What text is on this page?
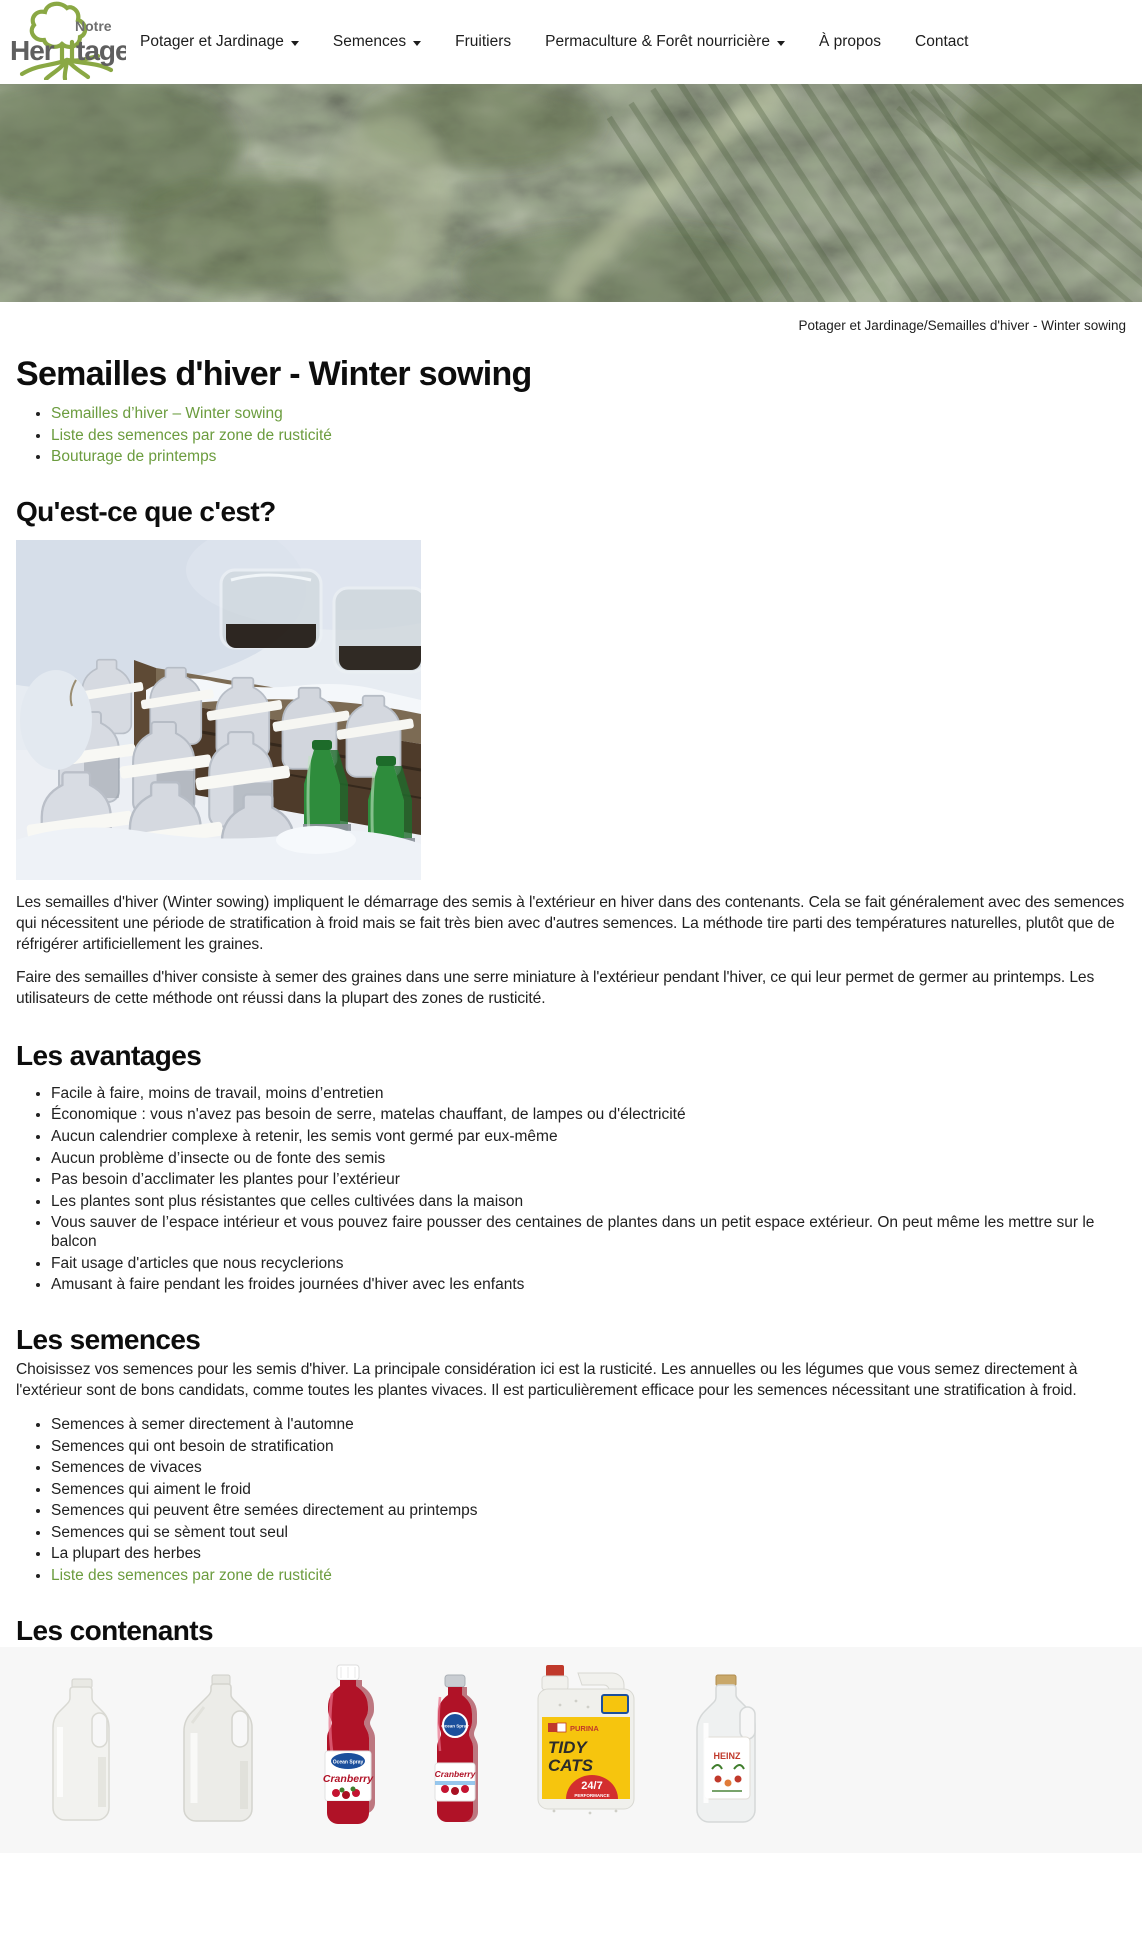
Notre
Her tage Potager et Jardinage	Semences	Fruitiers Permaculture & Forêt nourricière	À propos Contact
Potager et Jardinage/Semailles d'hiver - Winter sowing
Semailles d'hiver - Winter sowing
• Semailles d’hiver – Winter sowing
• Liste des semences par zone de rusticité
• Bouturage de printemps
Qu'est-ce que c'est?

Les semailles d'hiver (Winter sowing) impliquent le démarrage des semis à l'extérieur en hiver dans des contenants. Cela se fait généralement avec des semences qui nécessitent une période de stratification à froid mais se fait très bien avec d'autres semences. La méthode tire parti des températures naturelles, plutôt que de réfrigérer artificiellement les graines.

Faire des semailles d'hiver consiste à semer des graines dans une serre miniature à l'extérieur pendant l'hiver, ce qui leur permet de germer au printemps. Les utilisateurs de cette méthode ont réussi dans la plupart des zones de rusticité.

Les avantages
• Facile à faire, moins de travail, moins d’entretien
• Économique : vous n'avez pas besoin de serre, matelas chauffant, de lampes ou d'électricité
• Aucun calendrier complexe à retenir, les semis vont germé par eux-même
• Aucun problème d’insecte ou de fonte des semis
• Pas besoin d’acclimater les plantes pour l’extérieur
• Les plantes sont plus résistantes que celles cultivées dans la maison
• Vous sauver de l’espace intérieur et vous pouvez faire pousser des centaines de plantes dans un petit espace extérieur. On peut même les mettre sur le balcon
• Fait usage d'articles que nous recyclerions
• Amusant à faire pendant les froides journées d'hiver avec les enfants
Les semences

Choisissez vos semences pour les semis d'hiver. La principale considération ici est la rusticité. Les annuelles ou les légumes que vous semez directement à l'extérieur sont de bons candidats, comme toutes les plantes vivaces. Il est particulièrement efficace pour les semences nécessitant une stratification à froid.

• Semences à semer directement à l'automne
• Semences qui ont besoin de stratification
• Semences de vivaces
• Semences qui aiment le froid
• Semences qui peuvent être semées directement au printemps
• Semences qui se sèment tout seul
• La plupart des herbes
• Liste des semences par zone de rusticité
Les contenants
Ocean Spray
Cranberry
Ocean Spray
Cranberry
PURINA
TIDY
CATS
24/7
PERFORMANCE
HEINZ
